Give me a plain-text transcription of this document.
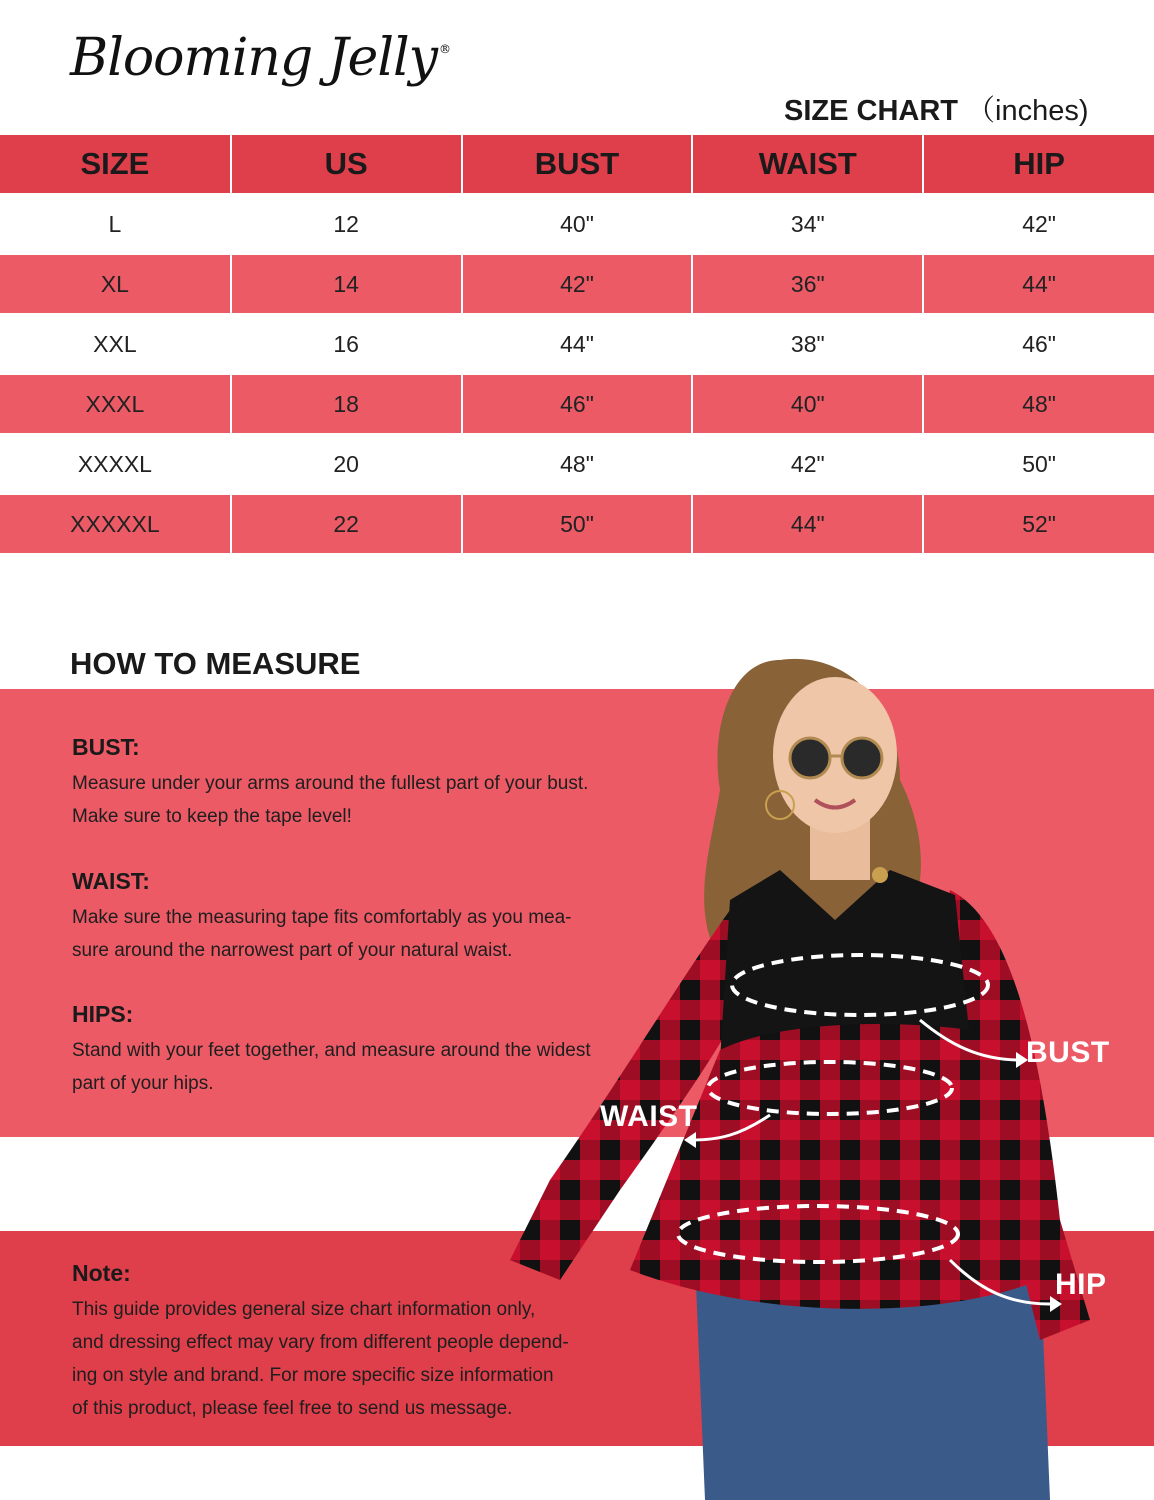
Blooming Jelly ®
SIZE CHART （inches)
SIZE	US	BUST	WAIST	HIP
L	12	40"	34"	42"
XL	14	42"	36"	44"
XXL	16	44"	38"	46"
XXXL	18	46"	40"	48"
XXXXL	20	48"	42"	50"
XXXXXL	22	50"	44"	52"
HOW TO MEASURE
BUST:
Measure under your arms around the fullest part of your bust.
Make sure to keep the tape level!
WAIST:
Make sure the measuring tape fits comfortably as you mea-
sure around the narrowest part of your natural waist.
HIPS:
Stand with your feet together, and measure around the widest
part of your hips.
Note:
This guide provides general size chart information only,
and dressing effect may vary from different people depend-
ing on style and brand. For more specific size information
of this product, please feel free to send us message.
BUST
WAIST
HIP
